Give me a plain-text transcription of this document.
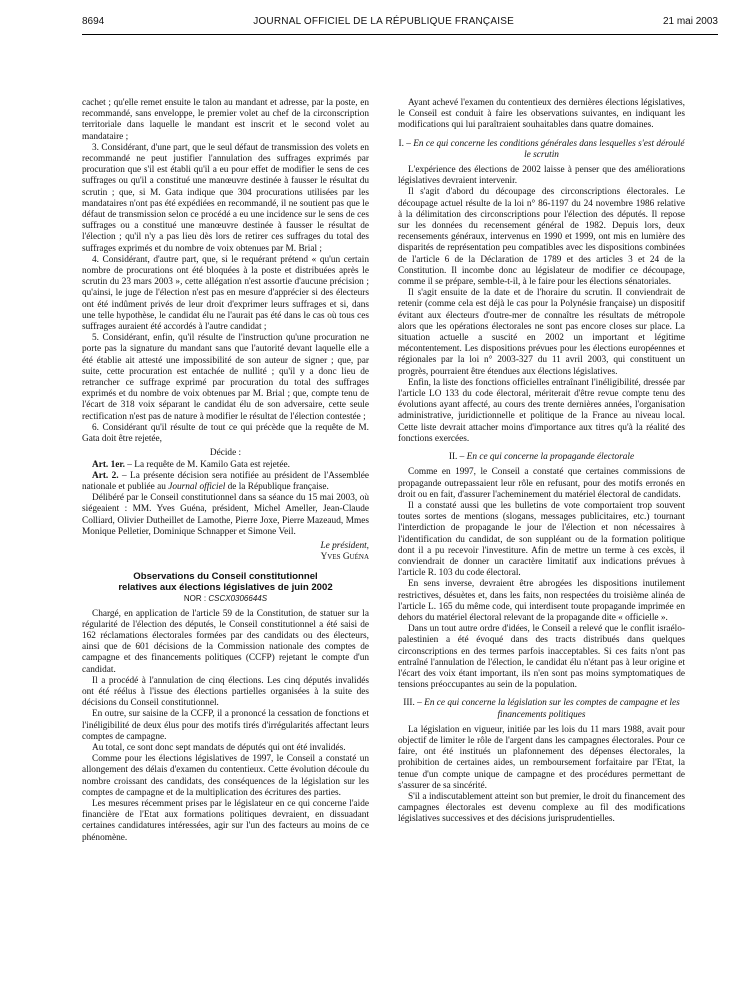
8694	JOURNAL OFFICIEL DE LA RÉPUBLIQUE FRANÇAISE	21 mai 2003

cachet ; qu'elle remet ensuite le talon au mandant et adresse, par la poste, en recommandé, sans enveloppe, le premier volet au chef de la circonscription territoriale dans laquelle le mandant est inscrit et le second volet au mandataire ;

3. Considérant, d'une part, que le seul défaut de transmission des volets en recommandé ne peut justifier l'annulation des suffrages exprimés par procuration que s'il est établi qu'il a eu pour effet de modifier le sens de ces suffrages ou qu'il a constitué une manœuvre destinée à fausser le résultat du scrutin ; que, si M. Gata indique que 304 procurations utilisées par les mandataires n'ont pas été expédiées en recommandé, il ne soutient pas que le défaut de transmission selon ce procédé a eu une incidence sur le sens de ces suffrages ou a constitué une manœuvre destinée à fausser le résultat de l'élection ; qu'il n'y a pas lieu dès lors de retirer ces suffrages du total des suffrages exprimés et du nombre de voix obtenues par M. Brial ;

4. Considérant, d'autre part, que, si le requérant prétend « qu'un certain nombre de procurations ont été bloquées à la poste et distribuées après le scrutin du 23 mars 2003 », cette allégation n'est assortie d'aucune précision ; qu'ainsi, le juge de l'élection n'est pas en mesure d'apprécier si des électeurs ont été indûment privés de leur droit d'exprimer leurs suffrages et si, dans une telle hypothèse, le candidat élu ne l'aurait pas été dans le cas où tous ces suffrages auraient été accordés à l'autre candidat ;

5. Considérant, enfin, qu'il résulte de l'instruction qu'une procuration ne porte pas la signature du mandant sans que l'autorité devant laquelle elle a été établie ait attesté une impossibilité de son auteur de signer ; que, par suite, cette procuration est entachée de nullité ; qu'il y a donc lieu de retrancher ce suffrage exprimé par procuration du total des suffrages exprimés et du nombre de voix obtenues par M. Brial ; que, compte tenu de l'écart de 318 voix séparant le candidat élu de son adversaire, cette seule rectification n'est pas de nature à modifier le résultat de l'élection contestée ;

6. Considérant qu'il résulte de tout ce qui précède que la requête de M. Gata doit être rejetée,

Décide :

Art. 1er. – La requête de M. Kamilo Gata est rejetée.

Art. 2. – La présente décision sera notifiée au président de l'Assemblée nationale et publiée au Journal officiel de la République française.

Délibéré par le Conseil constitutionnel dans sa séance du 15 mai 2003, où siégeaient : MM. Yves Guéna, président, Michel Ameller, Jean-Claude Colliard, Olivier Dutheillet de Lamothe, Pierre Joxe, Pierre Mazeaud, Mmes Monique Pelletier, Dominique Schnapper et Simone Veil.

Le président,

Yves Guéna

Observations du Conseil constitutionnel
relatives aux élections législatives de juin 2002
NOR : CSCX0306644S

Chargé, en application de l'article 59 de la Constitution, de statuer sur la régularité de l'élection des députés, le Conseil constitutionnel a été saisi de 162 réclamations électorales formées par des candidats ou des électeurs, ainsi que de 601 décisions de la Commission nationale des comptes de campagne et des financements politiques (CCFP) rejetant le compte d'un candidat.

Il a procédé à l'annulation de cinq élections. Les cinq députés invalidés ont été réélus à l'issue des élections partielles organisées à la suite des décisions du Conseil constitutionnel.

En outre, sur saisine de la CCFP, il a prononcé la cessation de fonctions et l'inéligibilité de deux élus pour des motifs tirés d'irrégularités affectant leurs comptes de campagne.

Au total, ce sont donc sept mandats de députés qui ont été invalidés.

Comme pour les élections législatives de 1997, le Conseil a constaté un allongement des délais d'examen du contentieux. Cette évolution découle du nombre croissant des candidats, des conséquences de la législation sur les comptes de campagne et de la multiplication des écritures des parties.

Les mesures récemment prises par le législateur en ce qui concerne l'aide financière de l'Etat aux formations politiques devraient, en dissuadant certaines candidatures intéressées, agir sur l'un des facteurs au moins de ce phénomène.

Ayant achevé l'examen du contentieux des dernières élections législatives, le Conseil est conduit à faire les observations suivantes, en indiquant les modifications qui lui paraîtraient souhaitables dans quatre domaines.

I. – En ce qui concerne les conditions générales dans lesquelles s'est déroulé le scrutin

L'expérience des élections de 2002 laisse à penser que des améliorations législatives devraient intervenir.

Il s'agit d'abord du découpage des circonscriptions électorales. Le découpage actuel résulte de la loi n° 86-1197 du 24 novembre 1986 relative à la délimitation des circonscriptions pour l'élection des députés. Il repose sur les données du recensement général de 1982. Depuis lors, deux recensements généraux, intervenus en 1990 et 1999, ont mis en lumière des disparités de représentation peu compatibles avec les dispositions combinées de l'article 6 de la Déclaration de 1789 et des articles 3 et 24 de la Constitution. Il incombe donc au législateur de modifier ce découpage, comme il se prépare, semble-t-il, à le faire pour les élections sénatoriales.

Il s'agit ensuite de la date et de l'horaire du scrutin. Il conviendrait de retenir (comme cela est déjà le cas pour la Polynésie française) un dispositif évitant aux électeurs d'outre-mer de connaître les résultats de métropole alors que les opérations électorales ne sont pas encore closes sur place. La situation actuelle a suscité en 2002 un important et légitime mécontentement. Les dispositions prévues pour les élections européennes et régionales par la loi n° 2003-327 du 11 avril 2003, qui constituent un progrès, pourraient être étendues aux élections législatives.

Enfin, la liste des fonctions officielles entraînant l'inéligibilité, dressée par l'article LO 133 du code électoral, mériterait d'être revue compte tenu des évolutions ayant affecté, au cours des trente dernières années, l'organisation administrative, juridictionnelle et politique de la France au niveau local. Cette liste devrait attacher moins d'importance aux titres qu'à la réalité des fonctions exercées.

II. – En ce qui concerne la propagande électorale

Comme en 1997, le Conseil a constaté que certaines commissions de propagande outrepassaient leur rôle en refusant, pour des motifs erronés en droit ou en fait, d'assurer l'acheminement du matériel électoral de candidats.

Il a constaté aussi que les bulletins de vote comportaient trop souvent toutes sortes de mentions (slogans, messages publicitaires, etc.) tournant l'interdiction de propagande le jour de l'élection et non nécessaires à l'identification du candidat, de son suppléant ou de la formation politique dont il a pu recevoir l'investiture. Afin de mettre un terme à ces excès, il conviendrait de donner un caractère limitatif aux indications prévues à l'article R. 103 du code électoral.

En sens inverse, devraient être abrogées les dispositions inutilement restrictives, désuètes et, dans les faits, non respectées du troisième alinéa de l'article L. 165 du même code, qui interdisent toute propagande imprimée en dehors du matériel électoral relevant de la propagande dite « officielle ».

Dans un tout autre ordre d'idées, le Conseil a relevé que le conflit israélo-palestinien a été évoqué dans des tracts distribués dans quelques circonscriptions en des termes parfois inacceptables. Si ces faits n'ont pas entraîné l'annulation de l'élection, le candidat élu n'étant pas à leur origine et l'écart des voix étant important, ils n'en sont pas moins symptomatiques de tensions préoccupantes au sein de la population.

III. – En ce qui concerne la législation sur les comptes de campagne et les financements politiques

La législation en vigueur, initiée par les lois du 11 mars 1988, avait pour objectif de limiter le rôle de l'argent dans les campagnes électorales. Pour ce faire, ont été institués un plafonnement des dépenses électorales, la prohibition de certaines aides, un remboursement forfaitaire par l'Etat, la tenue d'un compte unique de campagne et des procédures permettant de s'assurer de sa sincérité.

S'il a indiscutablement atteint son but premier, le droit du financement des campagnes électorales est devenu complexe au fil des modifications législatives successives et des décisions jurisprudentielles.
